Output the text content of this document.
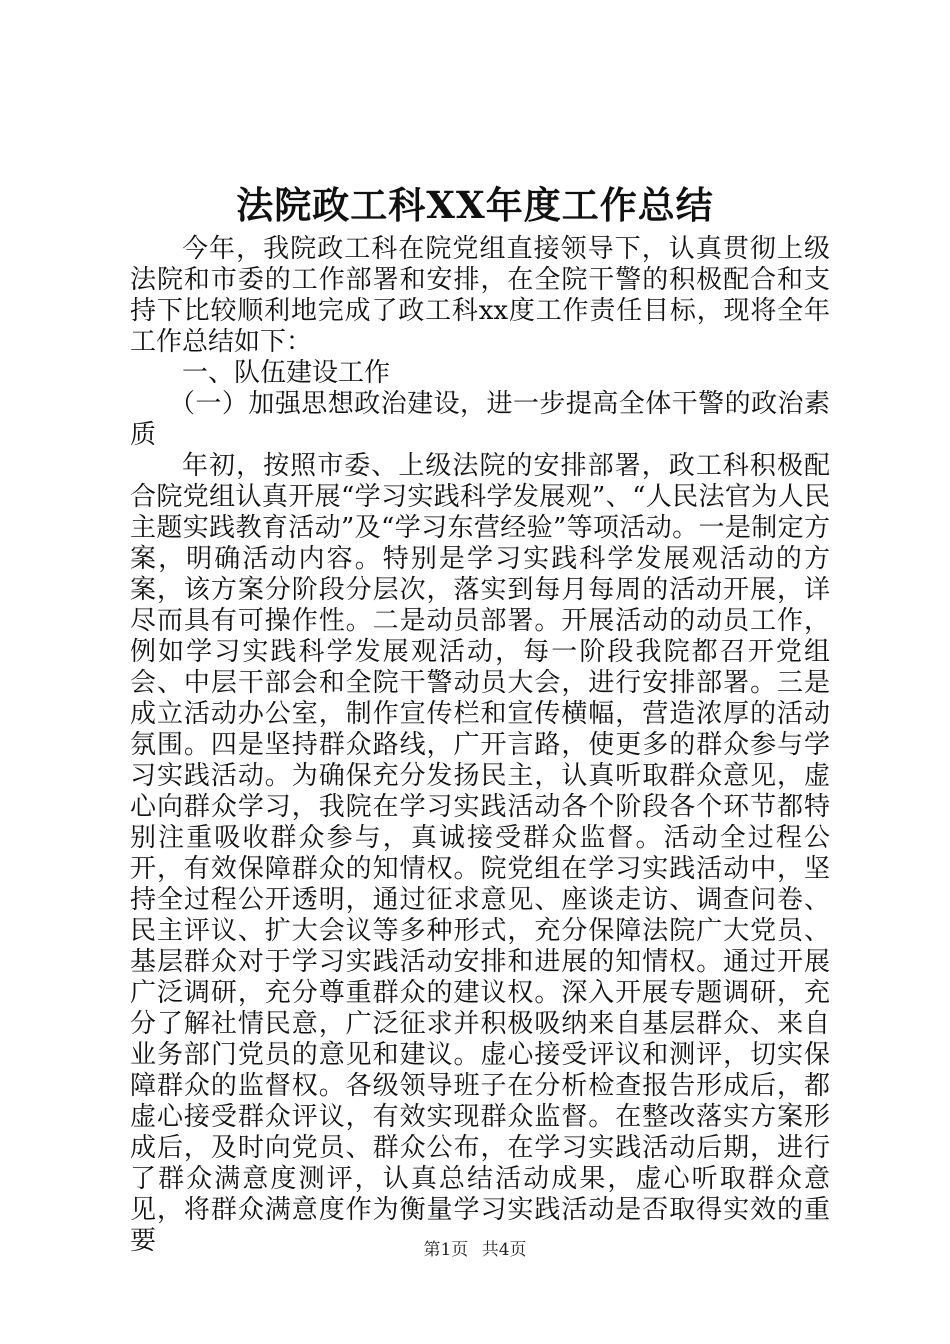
法院政工科XX年度工作总结

今年，我院政工科在院党组直接领导下，认真贯彻上级法院和市委的工作部署和安排，在全院干警的积极配合和支持下比较顺利地完成了政工科xx度工作责任目标，现将全年工作总结如下：

一、队伍建设工作

（一）加强思想政治建设，进一步提高全体干警的政治素质

年初，按照市委、上级法院的安排部署，政工科积极配合院党组认真开展“学习实践科学发展观”、“人民法官为人民主题实践教育活动”及“学习东营经验”等项活动。一是制定方案，明确活动内容。特别是学习实践科学发展观活动的方案，该方案分阶段分层次，落实到每月每周的活动开展，详尽而具有可操作性。二是动员部署。开展活动的动员工作，例如学习实践科学发展观活动，每一阶段我院都召开党组会、中层干部会和全院干警动员大会，进行安排部署。三是成立活动办公室，制作宣传栏和宣传横幅，营造浓厚的活动氛围。四是坚持群众路线，广开言路，使更多的群众参与学习实践活动。为确保充分发扬民主，认真听取群众意见，虚心向群众学习，我院在学习实践活动各个阶段各个环节都特别注重吸收群众参与，真诚接受群众监督。活动全过程公开，有效保障群众的知情权。院党组在学习实践活动中，坚持全过程公开透明，通过征求意见、座谈走访、调查问卷、民主评议、扩大会议等多种形式，充分保障法院广大党员、基层群众对于学习实践活动安排和进展的知情权。通过开展广泛调研，充分尊重群众的建议权。深入开展专题调研，充分了解社情民意，广泛征求并积极吸纳来自基层群众、来自业务部门党员的意见和建议。虚心接受评议和测评，切实保障群众的监督权。各级领导班子在分析检查报告形成后，都虚心接受群众评议，有效实现群众监督。在整改落实方案形成后，及时向党员、群众公布，在学习实践活动后期，进行了群众满意度测评，认真总结活动成果，虚心听取群众意见，将群众满意度作为衡量学习实践活动是否取得实效的重要	第1页 共4页
